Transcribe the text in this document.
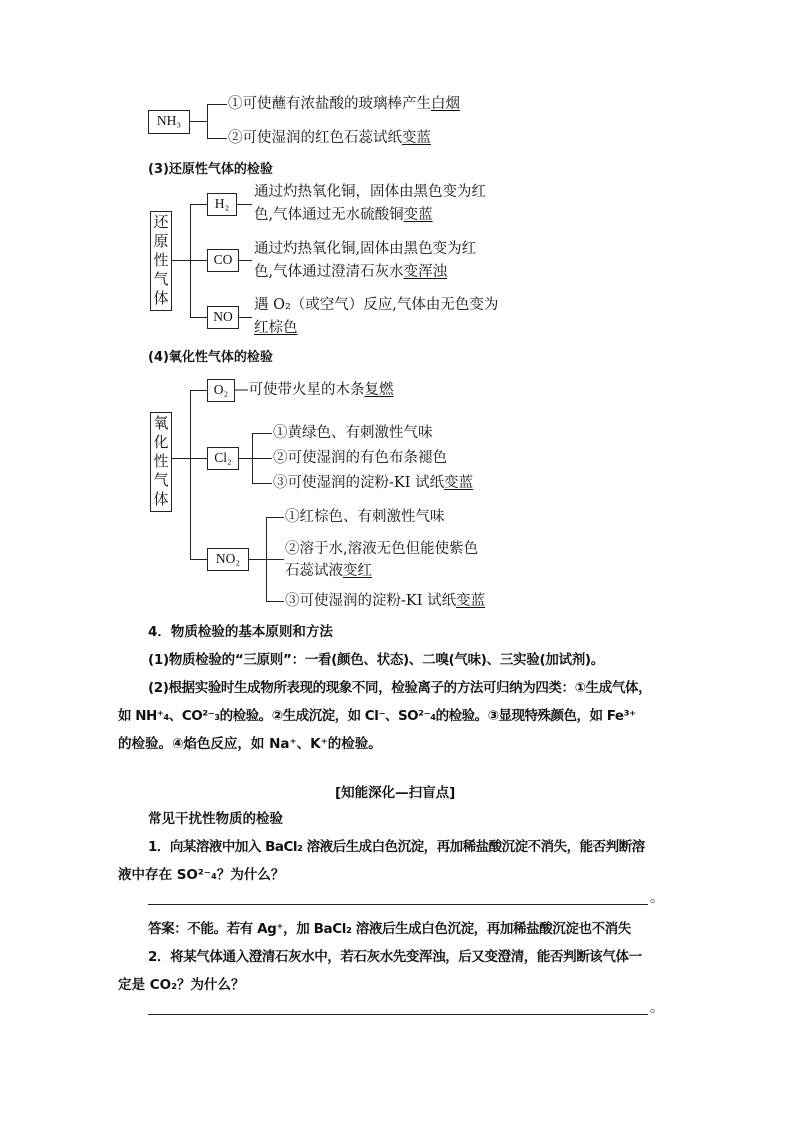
NH₃
①可使蘸有浓盐酸的玻璃棒产生白烟
②可使湿润的红色石蕊试纸变蓝
(3)还原性气体的检验
还原性气体
H₂
通过灼热氧化铜，固体由黑色变为红
色,气体通过无水硫酸铜变蓝
CO
通过灼热氧化铜,固体由黑色变为红
色,气体通过澄清石灰水变浑浊
NO
遇 O₂（或空气）反应,气体由无色变为
红棕色
(4)氧化性气体的检验
氧化性气体
O₂ —可使带火星的木条复燃
Cl₂
①黄绿色、有刺激性气味
②可使湿润的有色布条褪色
③可使湿润的淀粉-KI 试纸变蓝
NO₂
①红棕色、有刺激性气味
②溶于水,溶液无色但能使紫色
石蕊试液变红
③可使湿润的淀粉-KI 试纸变蓝
4．物质检验的基本原则和方法
(1)物质检验的“三原则”：一看(颜色、状态)、二嗅(气味)、三实验(加试剂)。
(2)根据实验时生成物所表现的现象不同，检验离子的方法可归纳为四类：①生成气体，
如 NH⁺₄、CO²⁻₃的检验。②生成沉淀，如 Cl⁻、SO²⁻₄的检验。③显现特殊颜色，如 Fe³⁺
的检验。④焰色反应，如 Na⁺、K⁺的检验。
[知能深化—扫盲点]
常见干扰性物质的检验
1．向某溶液中加入 BaCl₂ 溶液后生成白色沉淀，再加稀盐酸沉淀不消失，能否判断溶
液中存在 SO²⁻₄？为什么？
。
答案：不能。若有 Ag⁺，加 BaCl₂ 溶液后生成白色沉淀，再加稀盐酸沉淀也不消失
2．将某气体通入澄清石灰水中，若石灰水先变浑浊，后又变澄清，能否判断该气体一
定是 CO₂？为什么？
。
